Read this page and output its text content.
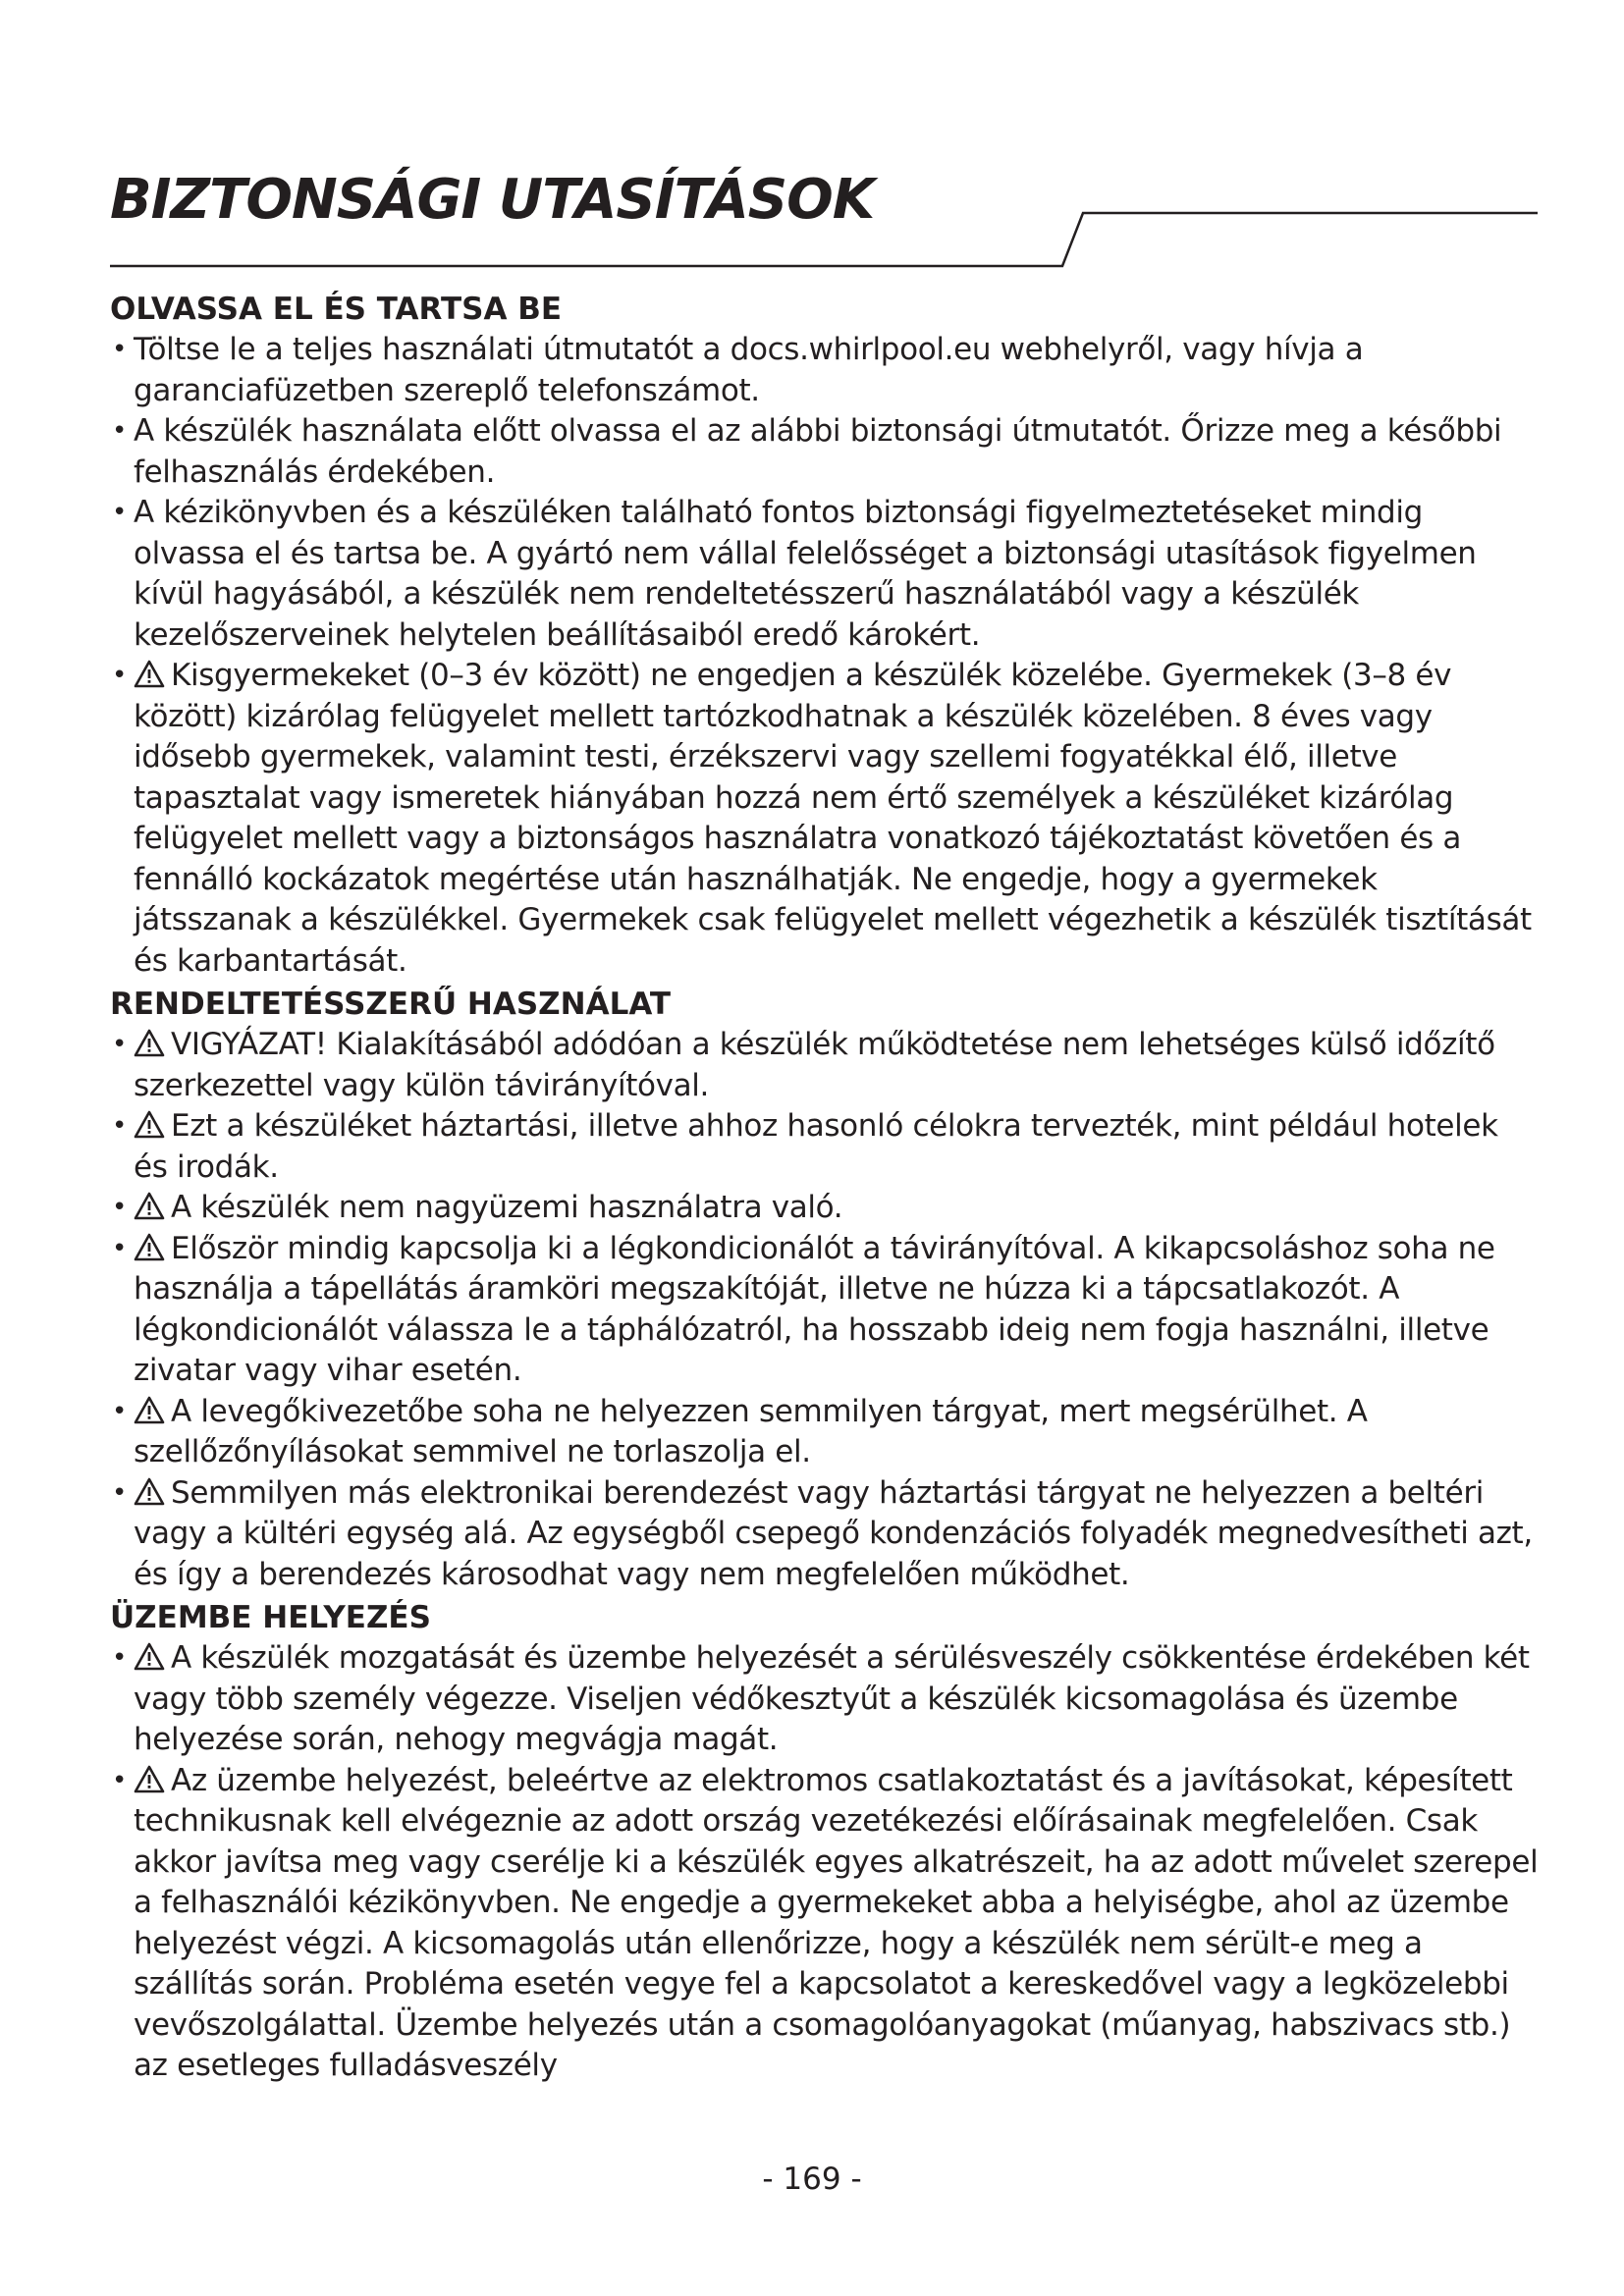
BIZTONSÁGI UTASÍTÁSOK
OLVASSA EL ÉS TARTSA BE
• Töltse le a teljes használati útmutatót a docs.whirlpool.eu webhelyről, vagy hívja a garanciafüzetben szereplő telefonszámot.
• A készülék használata előtt olvassa el az alábbi biztonsági útmutatót. Őrizze meg a későbbi felhasználás érdekében.
• A kézikönyvben és a készüléken található fontos biztonsági figyelmeztetéseket mindig olvassa el és tartsa be. A gyártó nem vállal felelősséget a biztonsági utasítások figyelmen kívül hagyásából, a készülék nem rendeltetésszerű használatából vagy a készülék kezelőszerveinek helytelen beállításaiból eredő károkért.
• Kisgyermekeket (0–3 év között) ne engedjen a készülék közelébe. Gyermekek (3–8 év között) kizárólag felügyelet mellett tartózkodhatnak a készülék közelében. 8 éves vagy idősebb gyermekek, valamint testi, érzékszervi vagy szellemi fogyatékkal élő, illetve tapasztalat vagy ismeretek hiányában hozzá nem értő személyek a készüléket kizárólag felügyelet mellett vagy a biztonságos használatra vonatkozó tájékoztatást követően és a fennálló kockázatok megértése után használhatják. Ne engedje, hogy a gyermekek játsszanak a készülékkel. Gyermekek csak felügyelet mellett végezhetik a készülék tisztítását és karbantartását.
RENDELTETÉSSZERŰ HASZNÁLAT
• VIGYÁZAT! Kialakításából adódóan a készülék működtetése nem lehetséges külső időzítő szerkezettel vagy külön távirányítóval.
• Ezt a készüléket háztartási, illetve ahhoz hasonló célokra tervezték, mint például hotelek és irodák.
• A készülék nem nagyüzemi használatra való.
• Először mindig kapcsolja ki a légkondicionálót a távirányítóval. A kikapcsoláshoz soha ne használja a tápellátás áramköri megszakítóját, illetve ne húzza ki a tápcsatlakozót. A légkondicionálót válassza le a táphálózatról, ha hosszabb ideig nem fogja használni, illetve zivatar vagy vihar esetén.
• A levegőkivezetőbe soha ne helyezzen semmilyen tárgyat, mert megsérülhet. A szellőzőnyílásokat semmivel ne torlaszolja el.
• Semmilyen más elektronikai berendezést vagy háztartási tárgyat ne helyezzen a beltéri vagy a kültéri egység alá. Az egységből csepegő kondenzációs folyadék megnedvesítheti azt, és így a berendezés károsodhat vagy nem megfelelően működhet.
ÜZEMBE HELYEZÉS
• A készülék mozgatását és üzembe helyezését a sérülésveszély csökkentése érdekében két vagy több személy végezze. Viseljen védőkesztyűt a készülék kicsomagolása és üzembe helyezése során, nehogy megvágja magát.
• Az üzembe helyezést, beleértve az elektromos csatlakoztatást és a javításokat, képesített technikusnak kell elvégeznie az adott ország vezetékezési előírásainak megfelelően. Csak akkor javítsa meg vagy cserélje ki a készülék egyes alkatrészeit, ha az adott művelet szerepel a felhasználói kézikönyvben. Ne engedje a gyermekeket abba a helyiségbe, ahol az üzembe helyezést végzi. A kicsomagolás után ellenőrizze, hogy a készülék nem sérült-e meg a szállítás során. Probléma esetén vegye fel a kapcsolatot a kereskedővel vagy a legközelebbi vevőszolgálattal. Üzembe helyezés után a csomagolóanyagokat (műanyag, habszivacs stb.) az esetleges fulladásveszély
- 169 -
